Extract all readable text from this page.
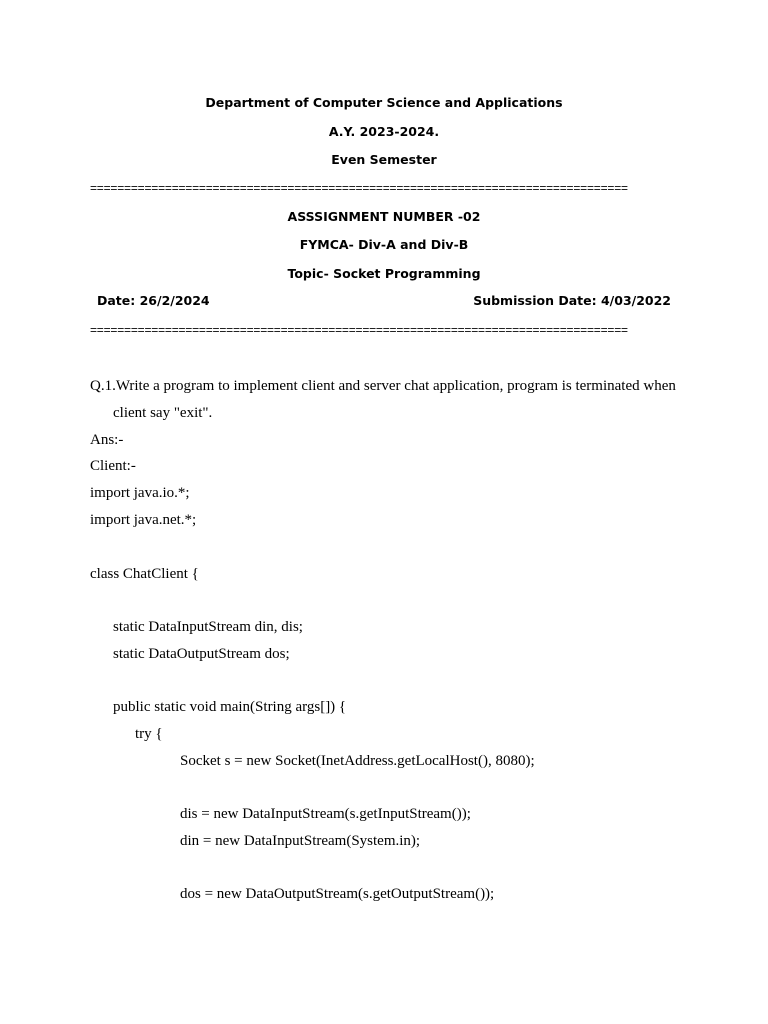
Department of Computer Science and Applications
A.Y. 2023-2024.
Even Semester
===============================================================================
ASSSIGNMENT NUMBER -02
FYMCA- Div-A and Div-B
Topic- Socket Programming
Date: 26/2/2024	Submission Date: 4/03/2022
===============================================================================
Q.1.Write a program to implement client and server chat application, program is terminated when
client say "exit".
Ans:-
Client:-
import java.io.*;
import java.net.*;
class ChatClient {
static DataInputStream din, dis;
static DataOutputStream dos;
public static void main(String args[]) {
try {
Socket s = new Socket(InetAddress.getLocalHost(), 8080);
dis = new DataInputStream(s.getInputStream());
din = new DataInputStream(System.in);
dos = new DataOutputStream(s.getOutputStream());
